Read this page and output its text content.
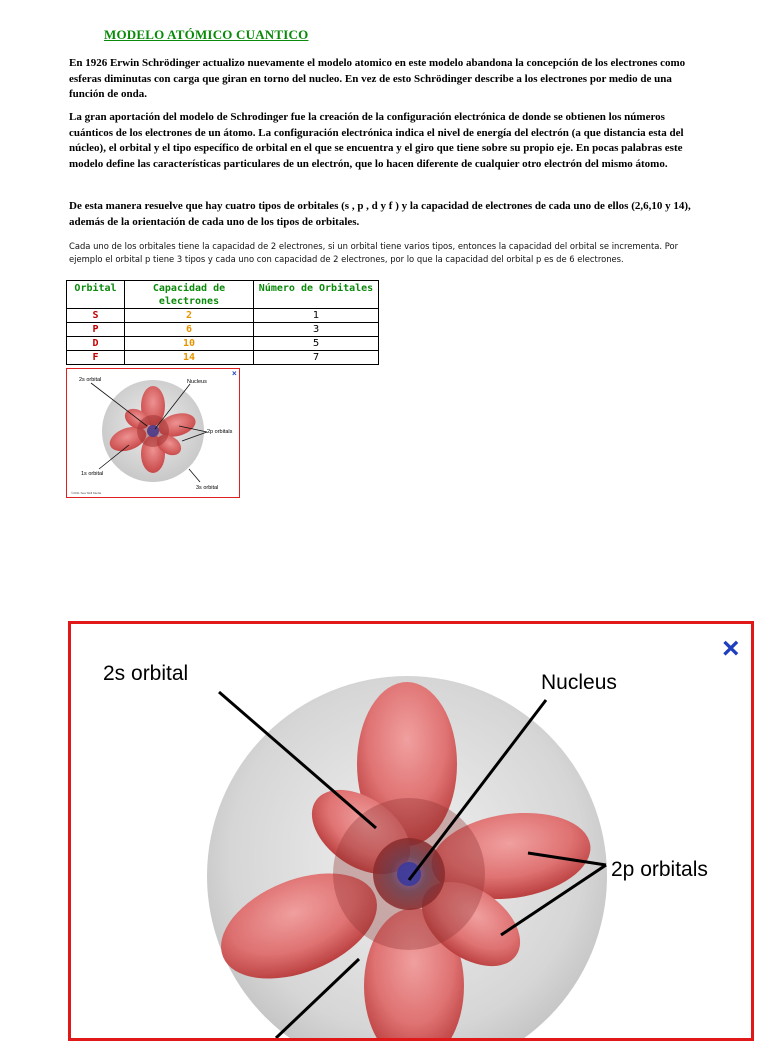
MODELO ATÓMICO CUANTICO

En 1926 Erwin Schrödinger actualizo nuevamente el modelo atomico en este modelo abandona la concepción de los electrones como esferas diminutas con carga que giran en torno del nucleo. En vez de esto Schrödinger describe a los electrones por medio de una función de onda.

La gran aportación del modelo de Schrodinger fue la creación de la configuración electrónica de donde se obtienen los números cuánticos de los electrones de un átomo. La configuración electrónica indica el nivel de energía del electrón (a que distancia esta del núcleo), el orbital y el tipo específico de orbital en el que se encuentra y el giro que tiene sobre su propio eje. En pocas palabras este modelo define las características particulares de un electrón, que lo hacen diferente de cualquier otro electrón del mismo átomo.

De esta manera resuelve que hay cuatro tipos de orbitales (s , p , d y f ) y la capacidad de electrones de cada uno de ellos (2,6,10 y 14), además de la orientación de cada uno de los tipos de orbitales.

Cada uno de los orbitales tiene la capacidad de 2 electrones, si un orbital tiene varios tipos, entonces la capacidad del orbital se incrementa. Por ejemplo el orbital p tiene 3 tipos y cada uno con capacidad de 2 electrones, por lo que la capacidad del orbital p es de 6 electrones.

Orbital	Capacidad de electrones	Número de Orbitales
S	2	1
P	6	3
D	10	5
F	14	7
2s orbital	Nucleus
2p orbitals
1s orbital
3s orbital
©2011 Sea Skill Media
×
2s orbital	Nucleus
2p orbitals
×
